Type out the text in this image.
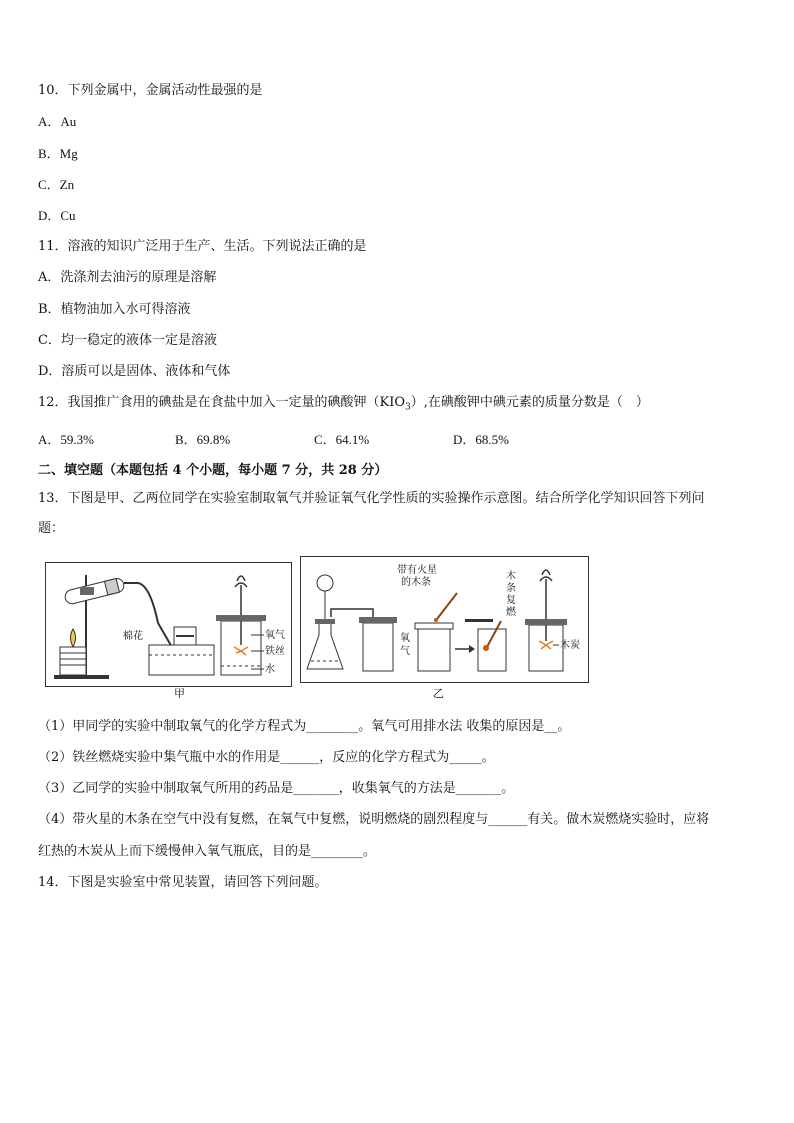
10．下列金属中，金属活动性最强的是
A．Au
B．Mg
C．Zn
D．Cu
11．溶液的知识广泛用于生产、生活。下列说法正确的是
A．洗涤剂去油污的原理是溶解
B．植物油加入水可得溶液
C．均一稳定的液体一定是溶液
D．溶质可以是固体、液体和气体
12．我国推广食用的碘盐是在食盐中加入一定量的碘酸钾$(KIO_3)$,在碘酸钾中碘元素的质量分数是（　）
A．59.3%	B．69.8%	C．64.1%	D．68.5%
二、填空题（本题包括 4 个小题，每小题 7 分，共 28 分）
13．下图是甲、乙两位同学在实验室制取氧气并验证氧气化学性质的实验操作示意图。结合所学化学知识回答下列问
题：
氧气
铁丝
水
棉花
甲
带有火星
的木条
氧
气
木
条
复
燃
木炭
乙
（1）甲同学的实验中制取氧气的化学方程式为________。氧气可用排水法 收集的原因是__。
（2）铁丝燃烧实验中集气瓶中水的作用是______，反应的化学方程式为_____。
（3）乙同学的实验中制取氧气所用的药品是_______，收集氧气的方法是_______。
（4）带火星的木条在空气中没有复燃，在氧气中复燃，说明燃烧的剧烈程度与______有关。做木炭燃烧实验时，应将
红热的木炭从上而下缓慢伸入氧气瓶底，目的是________。
14．下图是实验室中常见装置，请回答下列问题。
